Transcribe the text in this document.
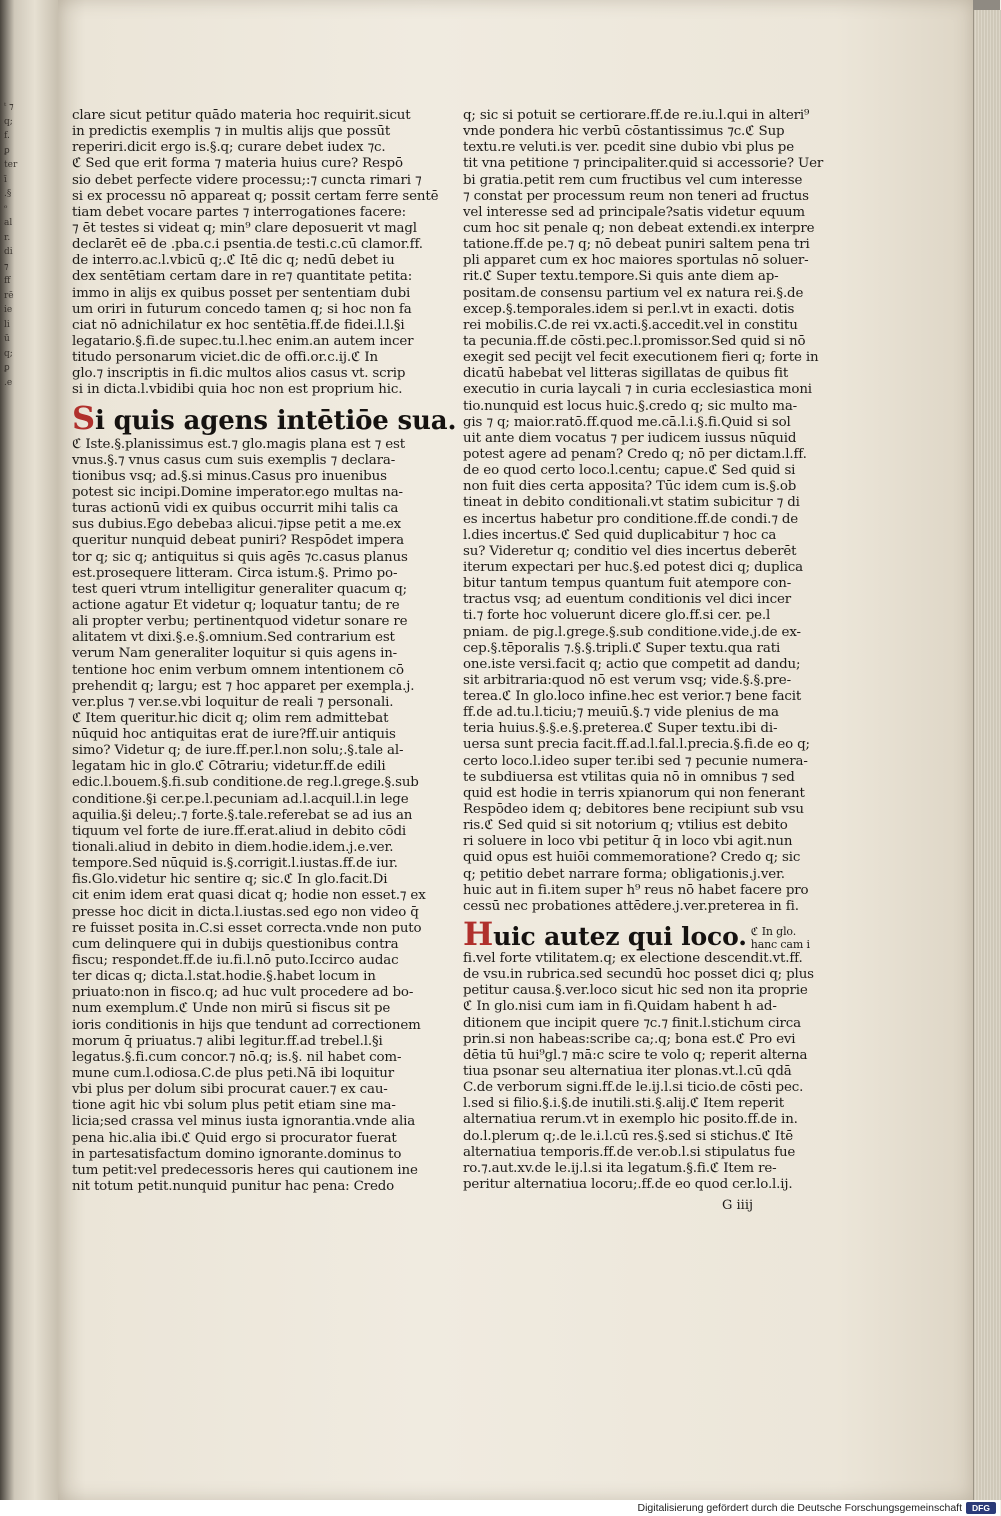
ᵗ ⁊
q;
f.
ꝑ
ter
ī
.§
ᵒ
al
r.
di
⁊
ff
rē
ie
li
ū
q;
ꝑ
.e

clare sicut petitur quādo materia hoc requirit.sicut
in predictis exemplis ⁊ in multis alijs que possūt
reperiri.dicit ergo is.§.q; curare debet iudex ⁊c.
ℭ Sed que erit forma ⁊ materia huius cure? Respō
sio debet perfecte videre processu;:⁊ cuncta rimari ⁊
si ex processu nō appareat q; possit certam ferre sentē
tiam debet vocare partes ⁊ interrogationes facere:
⁊ ēt testes si videat q; min⁹ clare deposuerit vt magl
declarēt eē de .pba.c.i psentia.de testi.c.cū clamor.ff.
de interro.ac.l.vbicū q;.ℭ Itē dic q; nedū debet iu
dex sentētiam certam dare in re⁊ quantitate petita:
immo in alijs ex quibus posset per sententiam dubi
um oriri in futurum concedo tamen q; si hoc non fa
ciat nō adnichilatur ex hoc sentētia.ff.de fidei.l.l.§i
legatario.§.fi.de supec.tu.l.hec enim.an autem incer
titudo personarum viciet.dic de offi.or.c.ij.ℭ In
glo.⁊ inscriptis in fi.dic multos alios casus vt. scrip
si in dicta.l.vbidibi quia hoc non est proprium hic.
Si quis agens intētiōe sua.
ℭ Iste.§.planissimus est.⁊ glo.magis plana est ⁊ est
vnus.§.⁊ vnus casus cum suis exemplis ⁊ declara-
tionibus vsq; ad.§.si minus.Casus pro inuenibus
potest sic incipi.Domine imperator.ego multas na-
turas actionū vidi ex quibus occurrit mihi talis ca
sus dubius.Ego debebaз alicui.⁊ipse petit a me.ex
queritur nunquid debeat puniri? Respōdet impera
tor q; sic q; antiquitus si quis agēs ⁊c.casus planus
est.prosequere litteram. Circa istum.§. Primo po-
test queri vtrum intelligitur generaliter quacum q;
actione agatur Et videtur q; loquatur tantu; de re
ali propter verbu; pertinentquod videtur sonare re
alitatem vt dixi.§.e.§.omnium.Sed contrarium est
verum Nam generaliter loquitur si quis agens in-
tentione hoc enim verbum omnem intentionem cō
prehendit q; largu; est ⁊ hoc apparet per exempla.j.
ver.plus ⁊ ver.se.vbi loquitur de reali ⁊ personali.
ℭ Item queritur.hic dicit q; olim rem admittebat
nūquid hoc antiquitas erat de iure?ff.uir antiquis
simo? Videtur q; de iure.ff.per.l.non solu;.§.tale al-
legatam hic in glo.ℭ Cōtrariu; videtur.ff.de edili
edic.l.bouem.§.fi.sub conditione.de reg.l.grege.§.sub
conditione.§i cer.pe.l.pecuniam ad.l.acquil.l.in lege
aquilia.§i deleu;.⁊ forte.§.tale.referebat se ad ius an
tiquum vel forte de iure.ff.erat.aliud in debito cōdi
tionali.aliud in debito in diem.hodie.idem.j.e.ver.
tempore.Sed nūquid is.§.corrigit.l.iustas.ff.de iur.
fis.Glo.videtur hic sentire q; sic.ℭ In glo.facit.Di
cit enim idem erat quasi dicat q; hodie non esset.⁊ ex
presse hoc dicit in dicta.l.iustas.sed ego non video q̄
re fuisset posita in.C.si esset correcta.vnde non puto
cum delinquere qui in dubijs questionibus contra
fiscu; respondet.ff.de iu.fi.l.nō puto.Iccirco audac
ter dicas q; dicta.l.stat.hodie.§.habet locum in
priuato:non in fisco.q; ad huc vult procedere ad bo-
num exemplum.ℭ Unde non mirū si fiscus sit pe
ioris conditionis in hijs que tendunt ad correctionem
morum q̄ priuatus.⁊ alibi legitur.ff.ad trebel.l.§i
legatus.§.fi.cum concor.⁊ nō.q; is.§. nil habet com-
mune cum.l.odiosa.C.de plus peti.Nā ibi loquitur
vbi plus per dolum sibi procurat cauer.⁊ ex cau-
tione agit hic vbi solum plus petit etiam sine ma-
licia;sed crassa vel minus iusta ignorantia.vnde alia
pena hic.alia ibi.ℭ Quid ergo si procurator fuerat
in partesatisfactum domino ignorante.dominus to
tum petit:vel predecessoris heres qui cautionem ine
nit totum petit.nunquid punitur hac pena: Credo
q; sic si potuit se certiorare.ff.de re.iu.l.qui in alteri⁹
vnde pondera hic verbū cōstantissimus ⁊c.ℭ Sup
textu.re veluti.is ver. pcedit sine dubio vbi plus pe
tit vna petitione ⁊ principaliter.quid si accessorie? Uer
bi gratia.petit rem cum fructibus vel cum interesse
⁊ constat per processum reum non teneri ad fructus
vel interesse sed ad principale?satis videtur equum
cum hoc sit penale q; non debeat extendi.ex interpre
tatione.ff.de pe.⁊ q; nō debeat puniri saltem pena tri
pli apparet cum ex hoc maiores sportulas nō soluer-
rit.ℭ Super textu.tempore.Si quis ante diem ap-
positam.de consensu partium vel ex natura rei.§.de
excep.§.temporales.idem si per.l.vt in exacti. dotis
rei mobilis.C.de rei vx.acti.§.accedit.vel in constitu
ta pecunia.ff.de cōsti.pec.l.promissor.Sed quid si nō
exegit sed pecijt vel fecit executionem fieri q; forte in
dicatū habebat vel litteras sigillatas de quibus fit
executio in curia laycali ⁊ in curia ecclesiastica moni
tio.nunquid est locus huic.§.credo q; sic multo ma-
gis ⁊ q; maior.ratō.ff.quod me.cā.l.i.§.fi.Quid si sol
uit ante diem vocatus ⁊ per iudicem iussus nūquid
potest agere ad penam? Credo q; nō per dictam.l.ff.
de eo quod certo loco.l.centu; capue.ℭ Sed quid si
non fuit dies certa apposita? Tūc idem cum is.§.ob
tineat in debito conditionali.vt statim subicitur ⁊ di
es incertus habetur pro conditione.ff.de condi.⁊ de
l.dies incertus.ℭ Sed quid duplicabitur ⁊ hoc ca
su? Videretur q; conditio vel dies incertus deberēt
iterum expectari per huc.§.ed potest dici q; duplica
bitur tantum tempus quantum fuit atempore con-
tractus vsq; ad euentum conditionis vel dici incer
ti.⁊ forte hoc voluerunt dicere glo.ff.si cer. pe.l
pniam. de pig.l.grege.§.sub conditione.vide.j.de ex-
cep.§.tēporalis ⁊.§.§.tripli.ℭ Super textu.qua rati
one.iste versi.facit q; actio que competit ad dandu;
sit arbitraria:quod nō est verum vsq; vide.§.§.pre-
terea.ℭ In glo.loco infine.hec est verior.⁊ bene facit
ff.de ad.tu.l.ticiu;⁊ meuiū.§.⁊ vide plenius de ma
teria huius.§.§.e.§.preterea.ℭ Super textu.ibi di-
uersa sunt precia facit.ff.ad.l.fal.l.precia.§.fi.de eo q;
certo loco.l.ideo super ter.ibi sed ⁊ pecunie numera-
te subdiuersa est vtilitas quia nō in omnibus ⁊ sed
quid est hodie in terris xpianorum qui non fenerant
Respōdeo idem q; debitores bene recipiunt sub vsu
ris.ℭ Sed quid si sit notorium q; vtilius est debito
ri soluere in loco vbi petitur q̄ in loco vbi agit.nun
quid opus est huiōi commemoratione? Credo q; sic
q; petitio debet narrare forma; obligationis.j.ver.
huic aut in fi.item super h⁹ reus nō habet facere pro
cessū nec probationes attēdere.j.ver.preterea in fi.
Huic autez qui loco. ℭ In glo.
hanc cam i
fi.vel forte vtilitatem.q; ex electione descendit.vt.ff.
de vsu.in rubrica.sed secundū hoc posset dici q; plus
petitur causa.§.ver.loco sicut hic sed non ita proprie
ℭ In glo.nisi cum iam in fi.Quidam habent h ad-
ditionem que incipit quere ⁊c.⁊ finit.l.stichum circa
prin.si non habeas:scribe ca;.q; bona est.ℭ Pro evi
dētia tū hui⁹gl.⁊ mā:c scire te volo q; reperit alterna
tiua psonar seu alternatiua iter plonas.vt.l.cū qdā
C.de verborum signi.ff.de le.ij.l.si ticio.de cōsti pec.
l.sed si filio.§.i.§.de inutili.sti.§.alij.ℭ Item reperit
alternatiua rerum.vt in exemplo hic posito.ff.de in.
do.l.plerum q;.de le.i.l.cū res.§.sed si stichus.ℭ Itē
alternatiua temporis.ff.de ver.ob.l.si stipulatus fue
ro.⁊.aut.xv.de le.ij.l.si ita legatum.§.fi.ℭ Item re-
peritur alternatiua locoru;.ff.de eo quod cer.lo.l.ij.
G iiij
Digitalisierung gefördert durch die Deutsche Forschungsgemeinschaft	DFG
